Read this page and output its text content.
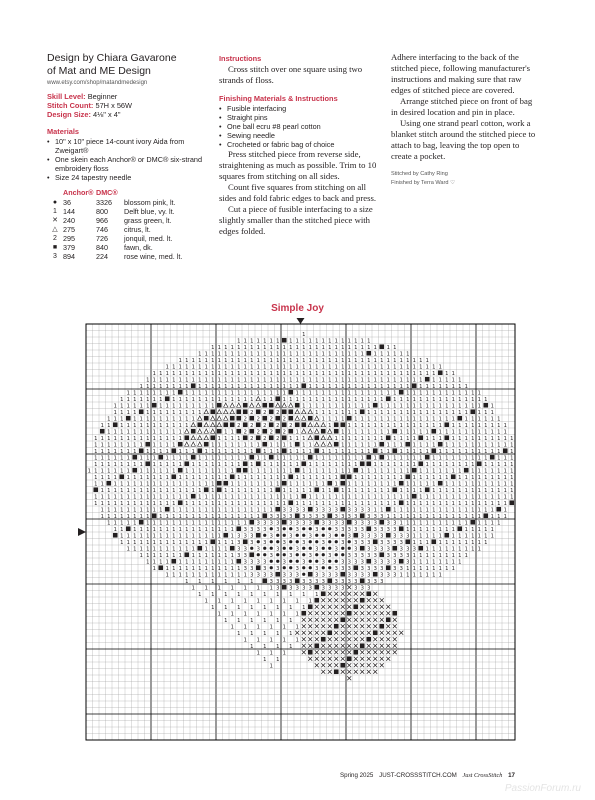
Design by Chiara Gavarone

of Mat and ME Design

www.etsy.com/shop/matandmedesign

Skill Level: Beginner

Stitch Count: 57H x 56W

Design Size: 4⅛" x 4"

Materials

• 10" x 10" piece 14-count ivory Aida from Zweigart®
• One skein each Anchor® or DMC® six-strand embroidery floss
• Size 24 tapestry needle
	Anchor®	DMC®	
●	36	3326	blossom pink, lt.
1	144	800	Delft blue, vy. lt.
✕	240	966	grass green, lt.
△	275	746	citrus, lt.
2	295	726	jonquil, med. lt.
■	379	840	fawn, dk.
3	894	224	rose wine, med. lt.

Instructions

Cross stitch over one square using two strands of floss.

Finishing Materials & Instructions

• Fusible interfacing
• Straight pins
• One ball ecru #8 pearl cotton
• Sewing needle
• Crocheted or fabric bag of choice

Press stitched piece from reverse side, straightening as much as possible. Trim to 10 squares from stitching on all sides.

Count five squares from stitching on all sides and fold fabric edges to back and press.

Cut a piece of fusible interfacing to a size slightly smaller than the stitched piece with edges folded.

Adhere interfacing to the back of the stitched piece, following manufacturer's instructions and making sure that raw edges of stitched piece are covered.

Arrange stitched piece on front of bag in desired location and pin in place.

Using one strand pearl cotton, work a blanket stitch around the stitched piece to attach to bag, leaving the top open to create a pocket.

Stitched by Cathy Ring

Finished by Terra Ward ♡

Simple Joy
1
1 1 1 1 1 1 1 1 1 1 1 1 1 1 1 1 1 1 1 1
1 1 1 1 1 1 1 1 1 1 1 1 1 1 1 1 1 1 1 1 1 1 1 1 1 1 1 1
1 1 1 1 1 1 1 1 1 1 1 1 1 1 1 1 1 1 1 1 1 1 1 1 1 1 1 1 1 1 1 1
1 1 1 1 1 1 1 1 1 1 1 1 1 1 1 1 1 1 1 1 1 1 1 1 1 1 1 1 1 1 1 1 1 1 1 1 1 1 1
1 1 1 1 1 1 1 1 1 1 1 1 1 1 1 1 1 1 1 1 1 1 1 1 1 1 1 1 1 1 1 1 1 1 1 1 1 1 1 1 1 1 1
1 1 1 1 1 1 1 1 1 1 1 1 1 1 1 1 1 1 1 1 1 1 1 1 1 1 1 1 1 1 1 1 1 1 1 1 1 1 1 1 1 1 1 1 1 1
1 1 1 1 1 1 1 1 1 1 1 1 1 1 1 1 1 1 1 1 1 1 1 1 1 1 1 1 1 1 1 1 1 1 1 1 1 1 1 1 1 1 1 1 1 1 1 1
1 1 1 1 1 1 1 1 1 1 1 1 1 1 1 1 1 1 1 1 1 1 1 1 1 1 1 1 1 1 1 1 1 1 1 1 1 1 1 1 1 1 1 1 1 1 1 1
1 1 1 1 1 1 1 1 1 1 1 1 1 1 1 1 1 1 1 1 1 1 1 1 1 1 1 1 1 1 1 1 1 1 1 1 1 1 1 1 1 1 1 1 1 1 1 1 1 1 1 1
1 1 1 1 1 1 1 1 1 1 1 1 1 1 1 1 1 1 1 1 1 1 1 1 1 1 1 1 1 1 1 1 1 1 1 1 1 1 1 1 1 1 1 1 1 1 1 1 1 1 1 1 1
1 1 1 1 1 1 1 1 1 1 1 1 1 1 1	1 1 1 1 1 1 1 1 1 1 1 1 1 1 1 1 1 1 1 1 1 1 1 1 1 1 1 1
1 1 1 1 1 1 1 1 1 1 1 1 1	2 2 2	1 1 1 1 1 1 1 1 1 1 1 1 1 1 1 1 1 1 1 1 1 1 1 1 1 1
1 1 1 1 1 1 1 1 1 1 1 1 1	2 2 2 2	1 1 1 1 1 1 1 1 1 1 1 1 1 1 1 1 1 1 1 1 1 1 1 1 1 1
1 1 1 1 1 1 1 1 1 1 1 1 1	2 2 2 2 2	1	1 1 1 1 1 1 1 1 1 1 1 1 1 1 1 1 1 1 1 1 1 1 1 1
1 1 1 1 1 1 1 1 1 1 1 1	1 1 2 2 2 2 1	1 1 1 1 1 1 1 1 1 1 1 1 1 1 1 1 1 1 1 1 1 1 1 1
1 1 1 1 1 1 1 1 1 1 1 1 1 1	1 1 1 1 2 2 2 1 1 1	1 1 1 1 1 1 1 1 1 1 1 1 1 1 1 1 1 1 1 1 1 1 1 1 1
1 1 1 1 1 1 1 1 1 1 1 1	1 1 1 1 1 1 1 1 1 1 1 1 1 1	1 1 1 1 1 1 1 1 1 1 1 1 1 1 1 1 1 1 1 1 1 1 1 1
1 1 1 1 1 1 1 1 1 1 1 1 1 1 1 1 1 1 1 1 1 1 1 1 1 1 1 1 1 1 1 1 1 1 1 1 1 1 1 1 1 1 1 1 1 1 1 1 1 1 1 1 1 1 1
1 1 1 1 1 1 1 1 1 1 1 1 1 1 1 1 1 1 1 1 1 1 1 1 1 1 1 1 1 1 1 1 1 1 1 1 1 1 1 1 1 1 1 1 1 1 1 1 1 1 1 1 1 1 1
1 1 1 1 1 1 1 1 1 1 1 1 1 1 1 1 1 1 1 1 1 1 1 1 1 1 1 1 1 1 1 1 1 1 1 1	1 1 1 1 1 1 1 1 1 1 1 1 1 1 1 1 1 1 1 1
1 1 1 1 1 1 1 1 1 1 1 1 1 1 1 1 1 1 1 1 1	1 1 1 1 1 1 1 1 1 1 1 1 1 1 1 1 1 1 1 1 1 1 1 1 1 1 1 1 1 1 1 1 1 1 1 1 1
1 1 1 1 1 1 1 1 1 1 1 1 1 1 1 1 1 1 1 1 1 1 1 1 1 1 1 1 1 1 1 1 1 1	1 1 1 1 1 1 1 1 1 1 1 1 1 1 1 1 1 1 1 1 1 1 1
1 1 1 1 1 1 1 1 1 1 1 1 1 1 1 1 1 1	1 1 1 1 1 1 1 1 1 1 1 1 1 1 1 1 1 1 1 1 1 1 1 1 1 1 1 1 1 1 1 1 1 1 1 1 1 1 1
1 1 1 1 1 1 1 1 1 1 1 1 1 1 1 1 1 1 1 1 1 1 1 1 1 1 1 1 1 1 1 1 1 1 1 1 1 1 1 1 1 1 1 1 1 1 1 1 1 1 1 1 1 1 1 1 1
1 1 1 1 1 1 1 1 1 1 1 1 1 1 1 1 1 1 1 1 1 1 1 1 1 1 1 1 1 1 1 1 1 1 1 1 1 1 1 1 1 1 1 1 1 1 1 1 1 1 1 1 1 1 1 1 1 1 1 1 1 1
1 1 1 1 1 1 1 1 1 1 1 1 1 1 1 1 1 1 1 1 1 1 1 1 1 1 1 1 1 1 1 1 1 1 1 1 1 1 1 1 1 1 1 1 1 1 1 1 1 1 1 1 1 1 1 1 1 1 1 1 1
1 1 1 1 1 1 1 1 1 1 1 1 1 1 1 1 1 1 1 1 1 1 1 1 1 1 3 3 3 3 3 3 3 3 3 3 3 3 1 1 1 1 1 1 1 1 1 1 1 1 1 1 1 1 1 1 1
1 1 1 1 1 1 1 1 1 1 1 1 1 1 1 1 1 1 1 1 1 1 1 1 3 3 3 3 3 3 3 3 3 3 3 3 3 3 3 1 1 1 1 1 1 1 1 1 1 1 1 1 1 1 1 1 1
1 1 1 1 1 1 1 1 1 1 1 1 1 1 1 1 1 1 1 1 1 3 3 3 3 3 3 3 3 3 3 3 3 3 3 3 3 3 3 1 1 1 1 1 1 1 1 1 1 1 1 1 1 1
1 1 1 1 1 1 1 1 1 1 1 1 1 1 1 1 1 1 3 3 3 3 3	3	3	3 3 3 3 3 3 3 3 3 1 1 1 1 1 1 1 1 1 1 1 1 1
1 1 1 1 1 1 1 1 1 1 1 1 1 1 1 1 1 3 3 3	3	3	3	3	3 3 3 3 3 3 3 3 1 1 1 1 1 1 1 1 1 1 1 1
1 1 1 1 1 1 1 1 1 1 1 1 1 1 1 1 1 3 3 3	3	3	3	3 3 3 3 3 3 3 3 1 1 1 1 1 1 1 1 1 1 1
1 1 1 1 1 1 1 1 1 1 1 1 1 1 1 3 3 3	3	3	3	3	3 3 3 3 3 3 3 3 1 1 1 1 1 1 1 1 1
1 1 1 1 1 1 1 1 1 1 1 1 1 1 3 3	3	3	3	3	3 3 3 3 3 3 3 3 3 1 1 1 1 1 1 1 1 1
1 1 1 1 1 1 1 1 1 1 1 1 1 3 3 3 3	3	3	3	3 3 3 3 3 3 3 3 3 1 1 1 1 1 1 1 1
1 1 1 1 1 1 1 1 1 1 1 1 1 3 3 3 3	3	3	3 3 3 3 3 3 3 3 3 1 1 1 1 1 1 1 1
1 1 1 1 1 1 1 1 1 1 1 1 1 3 3 3 3 3 3 3	3 3 3 3 3 3 3 3 3 3 3 1 1 1 1 1 1 1
1 1 1 1 1 1	3 3 3 3 3 3 3 3 3 3 3 3 3 3 3
1 1 1 1 1 1 1 3 3 3 3 3 3 3 3 3 3 3 3
1 1 1 1 1 1 1 1 1 1
1 1 1 1 1 1 1 1 1
1 1 1 1 1 1 1 1
1 1 1 1 1 1 1
1 1 1 1 1 1
1 1 1 1 1 1
1 1 1 1 1
1 1 1 1 1
1 1 1 1
1 1 1
1 1
1
Spring 2025 JUST-CROSSSTITCH.COM Just CrossStitch 17
PassionForum.ru
